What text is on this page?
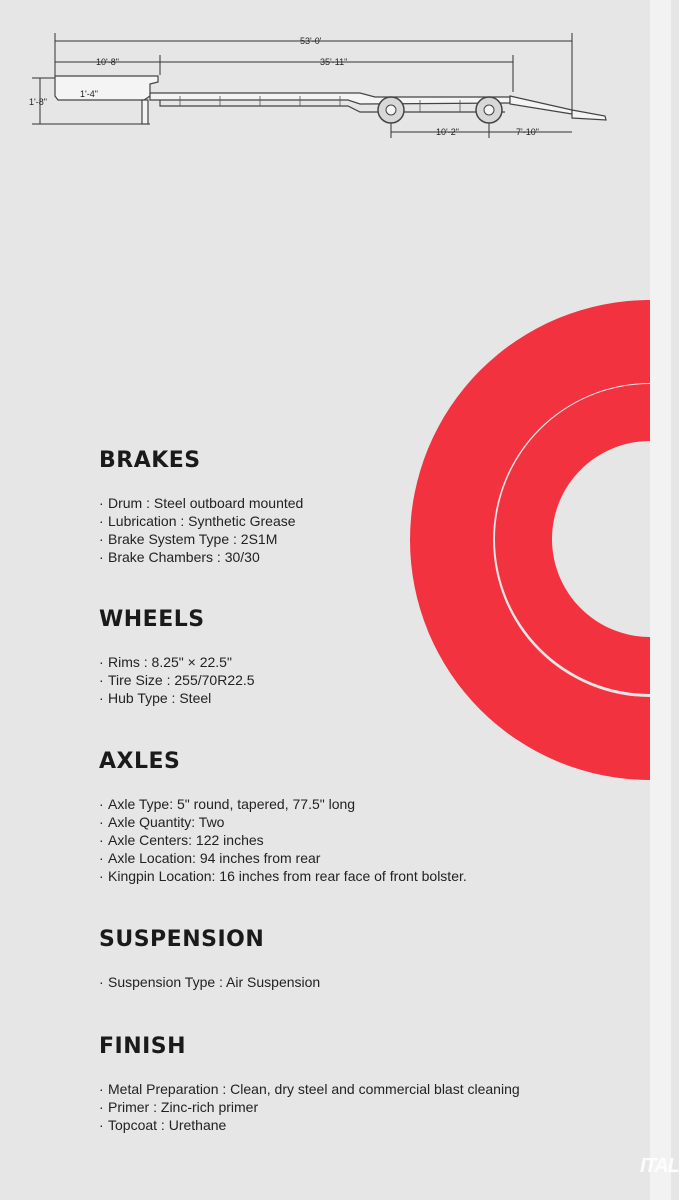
ITAL
53'-0'
10'-8"	35'-11"
1'-8"
1'-4"
10'-2"	7'-10"
BRAKES
· Drum : Steel outboard mounted
· Lubrication : Synthetic Grease
· Brake System Type : 2S1M
· Brake Chambers : 30/30
WHEELS
· Rims : 8.25" × 22.5"
· Tire Size : 255/70R22.5
· Hub Type : Steel
AXLES
· Axle Type: 5" round, tapered, 77.5" long
· Axle Quantity: Two
· Axle Centers: 122 inches
· Axle Location: 94 inches from rear
· Kingpin Location: 16 inches from rear face of front bolster.
SUSPENSION
· Suspension Type : Air Suspension
FINISH
· Metal Preparation : Clean, dry steel and commercial blast cleaning
· Primer : Zinc-rich primer
· Topcoat : Urethane
